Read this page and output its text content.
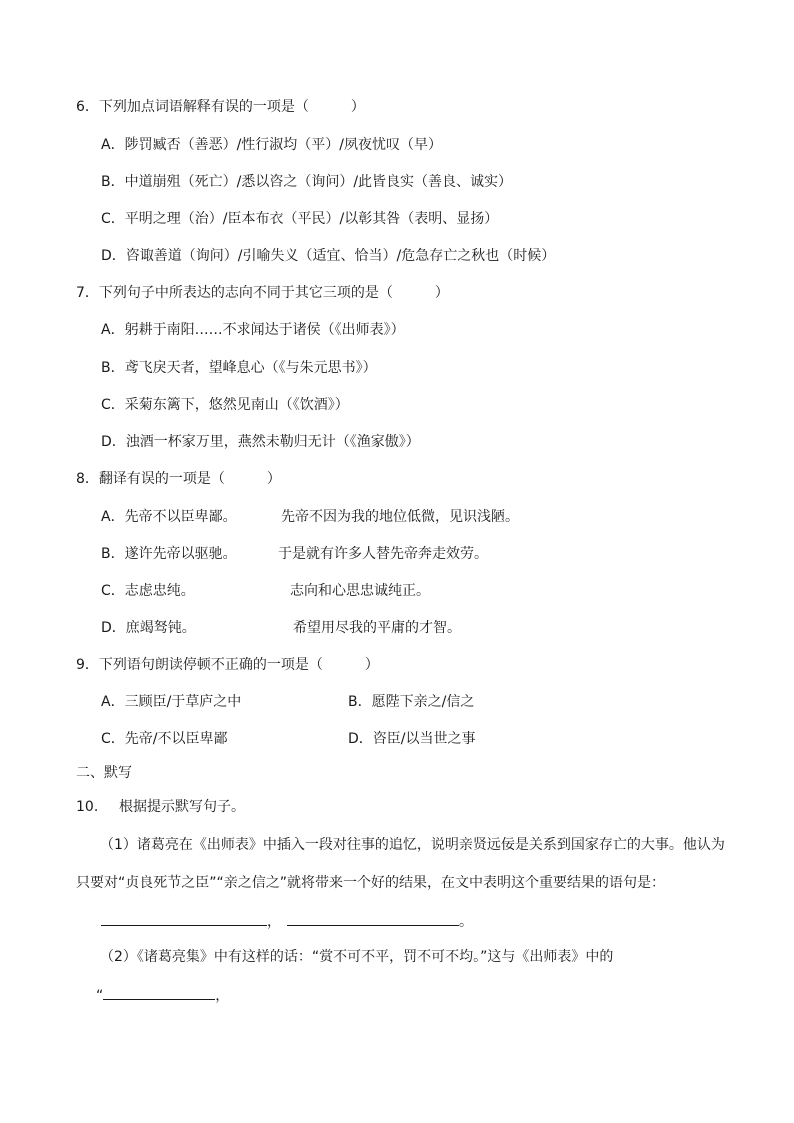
6．下列加点词语解释有误的一项是（　　　）
A．陟罚臧否（善恶）/性行淑均（平）/夙夜忧叹（早）
B．中道崩殂（死亡）/悉以咨之（询问）/此皆良实（善良、诚实）
C．平明之理（治）/臣本布衣（平民）/以彰其咎（表明、显扬）
D．咨诹善道（询问）/引喻失义（适宜、恰当）/危急存亡之秋也（时候）
7．下列句子中所表达的志向不同于其它三项的是（　　　）
A．躬耕于南阳……不求闻达于诸侯（《出师表》）
B．鸢飞戾天者，望峰息心（《与朱元思书》）
C．采菊东篱下，悠然见南山（《饮酒》）
D．浊酒一杯家万里，燕然未勒归无计（《渔家傲》）
8．翻译有误的一项是（　　　）
A．先帝不以臣卑鄙。	先帝不因为我的地位低微，见识浅陋。
B．遂许先帝以驱驰。	于是就有许多人替先帝奔走效劳。
C．志虑忠纯。	志向和心思忠诚纯正。
D．庶竭驽钝。	希望用尽我的平庸的才智。
9．下列语句朗读停顿不正确的一项是（　　　）
A．三顾臣/于草庐之中	B．愿陛下亲之/信之
C．先帝/不以臣卑鄙	D．咨臣/以当世之事
二、默写
10. 根据提示默写句子。
（1）诸葛亮在《出师表》中插入一段对往事的追忆，说明亲贤远佞是关系到国家存亡的大事。他认为
只要对“贞良死节之臣”“亲之信之”就将带来一个好的结果，在文中表明这个重要结果的语句是：
，	。
（2）《诸葛亮集》中有这样的话：“赏不可不平，罚不可不均。”这与《出师表》中的
“	，
